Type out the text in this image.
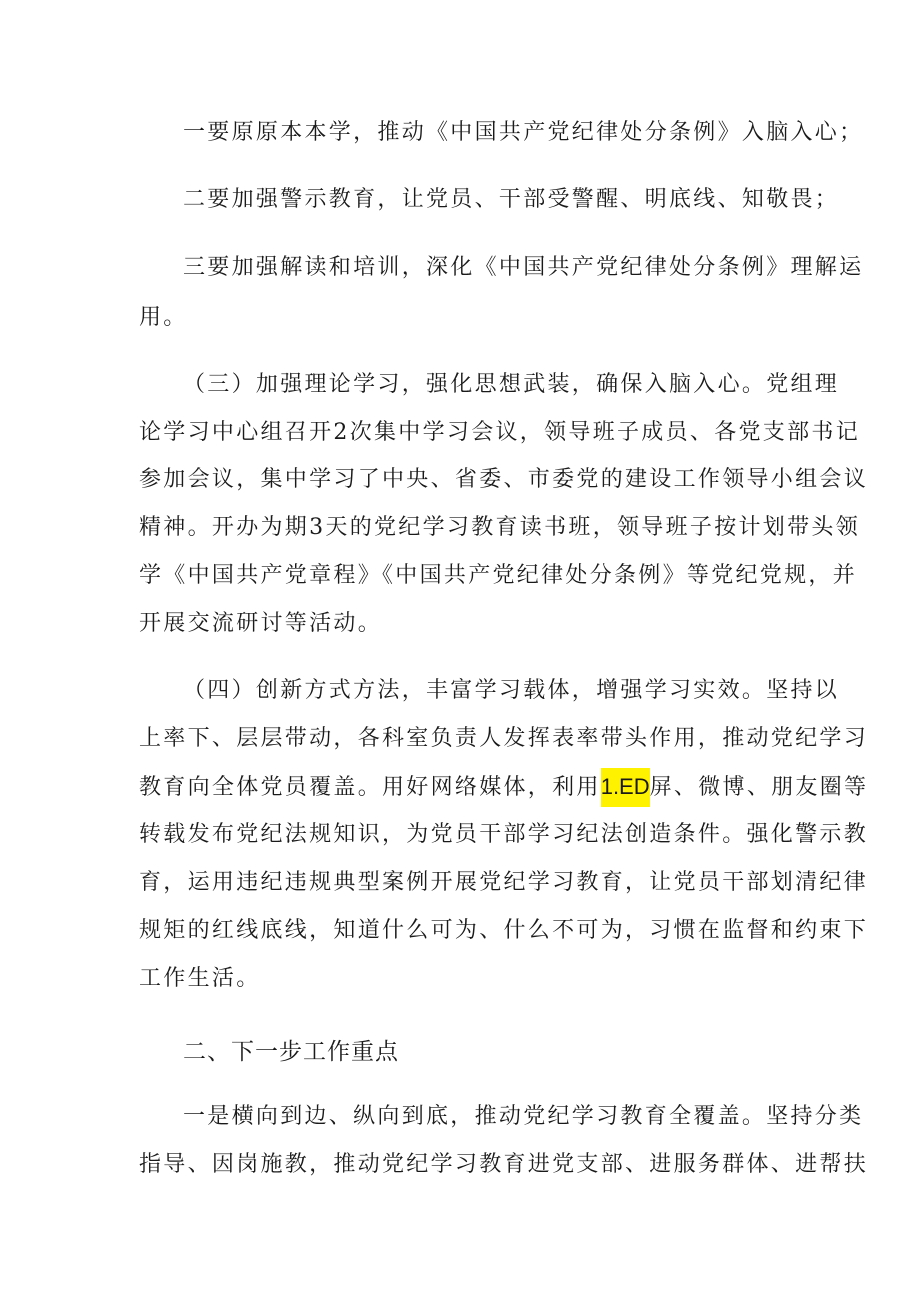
一要原原本本学，推动《中国共产党纪律处分条例》入脑入心；

二要加强警示教育，让党员、干部受警醒、明底线、知敬畏；

三要加强解读和培训，深化《中国共产党纪律处分条例》理解运

用。

（三）加强理论学习，强化思想武装，确保入脑入心。党组理

论学习中心组召开2次集中学习会议，领导班子成员、各党支部书记

参加会议，集中学习了中央、省委、市委党的建设工作领导小组会议

精神。开办为期3天的党纪学习教育读书班，领导班子按计划带头领

学《中国共产党章程》《中国共产党纪律处分条例》等党纪党规，并

开展交流研讨等活动。

（四）创新方式方法，丰富学习载体，增强学习实效。坚持以

上率下、层层带动，各科室负责人发挥表率带头作用，推动党纪学习

教育向全体党员覆盖。用好网络媒体，利用1.ED屏、微博、朋友圈等

转载发布党纪法规知识，为党员干部学习纪法创造条件。强化警示教

育，运用违纪违规典型案例开展党纪学习教育，让党员干部划清纪律

规矩的红线底线，知道什么可为、什么不可为，习惯在监督和约束下

工作生活。

二、下一步工作重点

一是横向到边、纵向到底，推动党纪学习教育全覆盖。坚持分类

指导、因岗施教，推动党纪学习教育进党支部、进服务群体、进帮扶
